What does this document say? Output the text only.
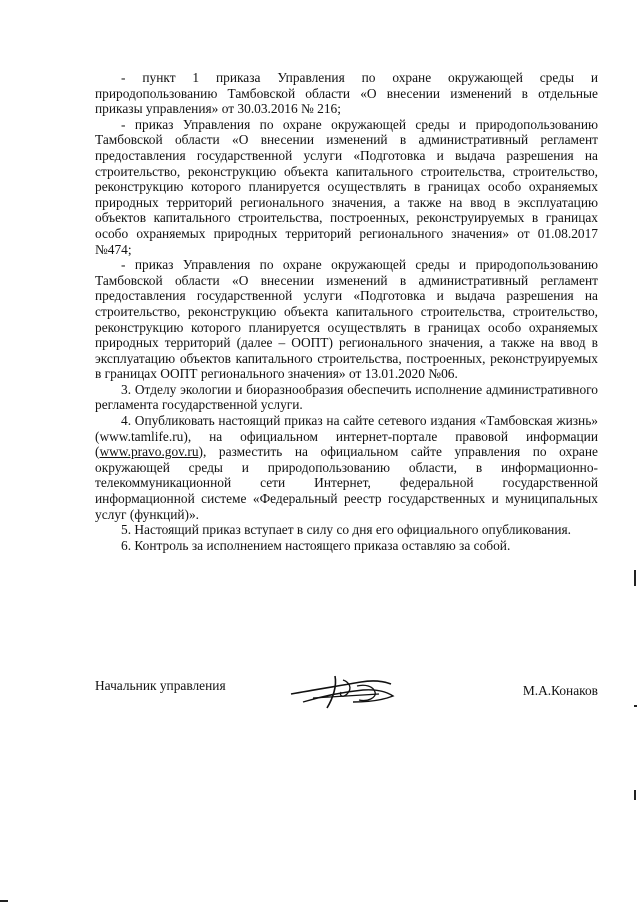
- пункт 1 приказа Управления по охране окружающей среды и природопользованию Тамбовской области «О внесении изменений в отдельные приказы управления» от 30.03.2016 № 216;

- приказ Управления по охране окружающей среды и природопользованию Тамбовской области «О внесении изменений в административный регламент предоставления государственной услуги «Подготовка и выдача разрешения на строительство, реконструкцию объекта капитального строительства, строительство, реконструкцию которого планируется осуществлять в границах особо охраняемых природных территорий регионального значения, а также на ввод в эксплуатацию объектов капитального строительства, построенных, реконструируемых в границах особо охраняемых природных территорий регионального значения» от 01.08.2017 №474;

- приказ Управления по охране окружающей среды и природопользованию Тамбовской области «О внесении изменений в административный регламент предоставления государственной услуги «Подготовка и выдача разрешения на строительство, реконструкцию объекта капитального строительства, строительство, реконструкцию которого планируется осуществлять в границах особо охраняемых природных территорий (далее – ООПТ) регионального значения, а также на ввод в эксплуатацию объектов капитального строительства, построенных, реконструируемых в границах ООПТ регионального значения» от 13.01.2020 №06.

3. Отделу экологии и биоразнообразия обеспечить исполнение административного регламента государственной услуги.

4. Опубликовать настоящий приказ на сайте сетевого издания «Тамбовская жизнь» (www.tamlife.ru), на официальном интернет-портале правовой информации (www.pravo.gov.ru), разместить на официальном сайте управления по охране окружающей среды и природопользованию области, в информационно-телекоммуникационной сети Интернет, федеральной государственной информационной системе «Федеральный реестр государственных и муниципальных услуг (функций)».

5. Настоящий приказ вступает в силу со дня его официального опубликования.

6. Контроль за исполнением настоящего приказа оставляю за собой.

Начальник управления	М.А.Конаков
